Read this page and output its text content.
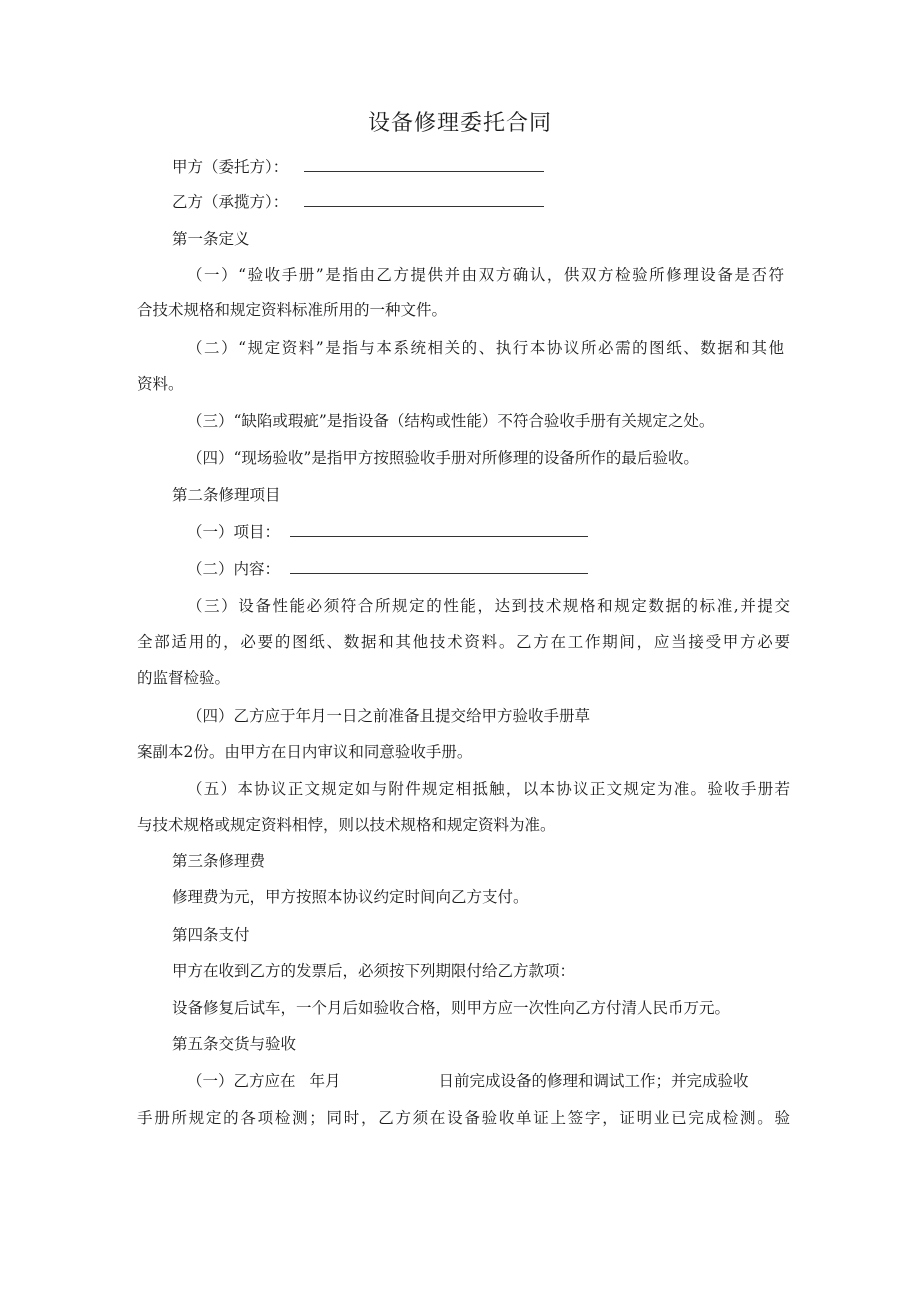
设备修理委托合同
甲方（委托方）：
乙方（承揽方）：
第一条定义
（一）“验收手册”是指由乙方提供并由双方确认，供双方检验所修理设备是否符
合技术规格和规定资料标准所用的一种文件。
（二）“规定资料”是指与本系统相关的、执行本协议所必需的图纸、数据和其他
资料。
（三）“缺陷或瑕疵”是指设备（结构或性能）不符合验收手册有关规定之处。
（四）“现场验收”是指甲方按照验收手册对所修理的设备所作的最后验收。
第二条修理项目
（一）项目：
（二）内容：
（三）设备性能必须符合所规定的性能，达到技术规格和规定数据的标准,并提交
全部适用的，必要的图纸、数据和其他技术资料。乙方在工作期间，应当接受甲方必要
的监督检验。
（四）乙方应于年月一日之前准备且提交给甲方验收手册草
案副本2份。由甲方在日内审议和同意验收手册。
（五）本协议正文规定如与附件规定相抵触，以本协议正文规定为准。验收手册若
与技术规格或规定资料相悖，则以技术规格和规定资料为准。
第三条修理费
修理费为元，甲方按照本协议约定时间向乙方支付。
第四条支付
甲方在收到乙方的发票后，必须按下列期限付给乙方款项：
设备修复后试车，一个月后如验收合格，则甲方应一次性向乙方付清人民币万元。
第五条交货与验收
（一）乙方应在 年月	日前完成设备的修理和调试工作；并完成验收
手册所规定的各项检测；同时，乙方须在设备验收单证上签字，证明业已完成检测。验
